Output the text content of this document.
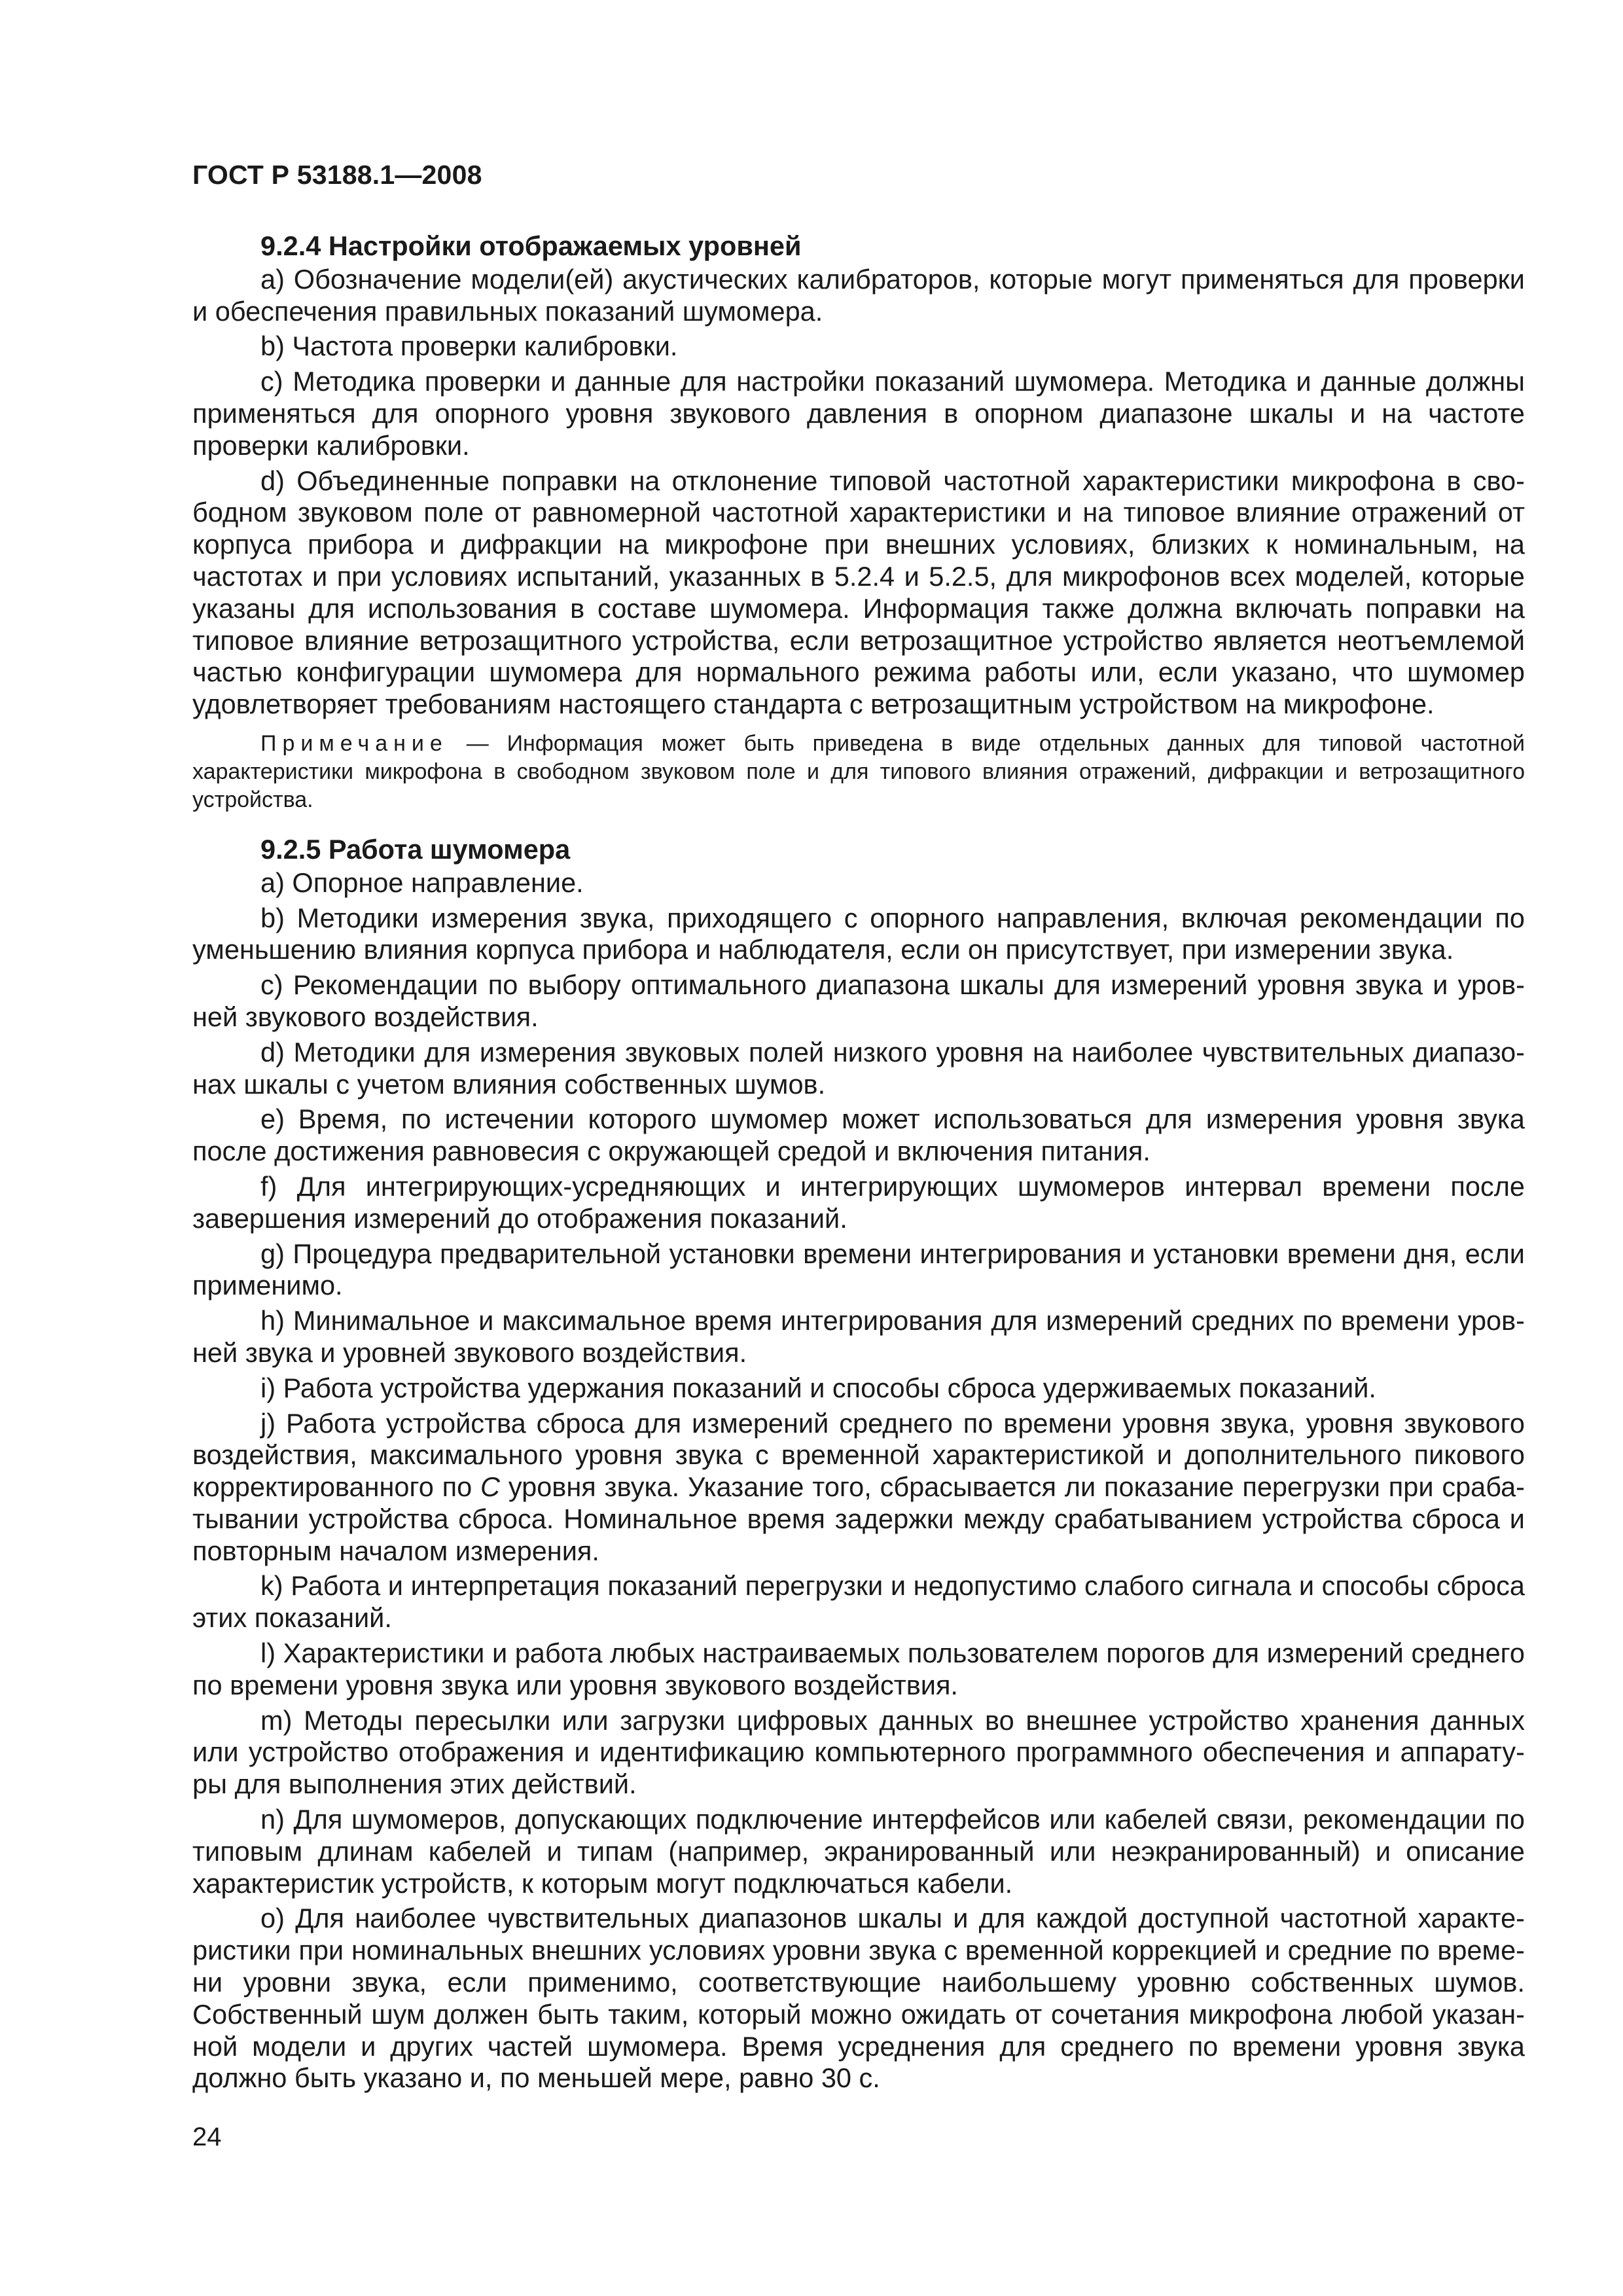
ГОСТ Р 53188.1—2008
9.2.4 Настройки отображаемых уровней

a) Обозначение модели(ей) акустических калибраторов, которые могут применяться для проверки и обеспечения правильных показаний шумомера.

b) Частота проверки калибровки.

c) Методика проверки и данные для настройки показаний шумомера. Методика и данные должны применяться для опорного уровня звукового давления в опорном диапазоне шкалы и на частоте проверки калибровки.

d) Объединенные поправки на отклонение типовой частотной характеристики микрофона в свободном звуковом поле от равномерной частотной характеристики и на типовое влияние отражений от корпуса прибора и дифракции на микрофоне при внешних условиях, близких к номинальным, на частотах и при условиях испытаний, указанных в 5.2.4 и 5.2.5, для микрофонов всех моделей, которые указаны для использования в составе шумомера. Информация также должна включать поправки на типовое влияние ветрозащитного устройства, если ветрозащитное устройство является неотъемлемой частью конфигурации шумомера для нормального режима работы или, если указано, что шумомер удовлетворяет требованиям настоящего стандарта с ветрозащитным устройством на микрофоне.

Примечание — Информация может быть приведена в виде отдельных данных для типовой частотной характеристики микрофона в свободном звуковом поле и для типового влияния отражений, дифракции и ветрозащитного устройства.

9.2.5 Работа шумомера

a) Опорное направление.

b) Методики измерения звука, приходящего с опорного направления, включая рекомендации по уменьшению влияния корпуса прибора и наблюдателя, если он присутствует, при измерении звука.

c) Рекомендации по выбору оптимального диапазона шкалы для измерений уровня звука и уровней звукового воздействия.

d) Методики для измерения звуковых полей низкого уровня на наиболее чувствительных диапазонах шкалы с учетом влияния собственных шумов.

e) Время, по истечении которого шумомер может использоваться для измерения уровня звука после достижения равновесия с окружающей средой и включения питания.

f) Для интегрирующих-усредняющих и интегрирующих шумомеров интервал времени после завершения измерений до отображения показаний.

g) Процедура предварительной установки времени интегрирования и установки времени дня, если применимо.

h) Минимальное и максимальное время интегрирования для измерений средних по времени уровней звука и уровней звукового воздействия.

i) Работа устройства удержания показаний и способы сброса удерживаемых показаний.

j) Работа устройства сброса для измерений среднего по времени уровня звука, уровня звукового воздействия, максимального уровня звука с временной характеристикой и дополнительного пикового корректированного по C уровня звука. Указание того, сбрасывается ли показание перегрузки при срабатывании устройства сброса. Номинальное время задержки между срабатыванием устройства сброса и повторным началом измерения.

k) Работа и интерпретация показаний перегрузки и недопустимо слабого сигнала и способы сброса этих показаний.

l) Характеристики и работа любых настраиваемых пользователем порогов для измерений среднего по времени уровня звука или уровня звукового воздействия.

m) Методы пересылки или загрузки цифровых данных во внешнее устройство хранения данных или устройство отображения и идентификацию компьютерного программного обеспечения и аппаратуры для выполнения этих действий.

n) Для шумомеров, допускающих подключение интерфейсов или кабелей связи, рекомендации по типовым длинам кабелей и типам (например, экранированный или неэкранированный) и описание характеристик устройств, к которым могут подключаться кабели.

o) Для наиболее чувствительных диапазонов шкалы и для каждой доступной частотной характеристики при номинальных внешних условиях уровни звука с временной коррекцией и средние по времени уровни звука, если применимо, соответствующие наибольшему уровню собственных шумов. Собственный шум должен быть таким, который можно ожидать от сочетания микрофона любой указанной модели и других частей шумомера. Время усреднения для среднего по времени уровня звука должно быть указано и, по меньшей мере, равно 30 с.

24
